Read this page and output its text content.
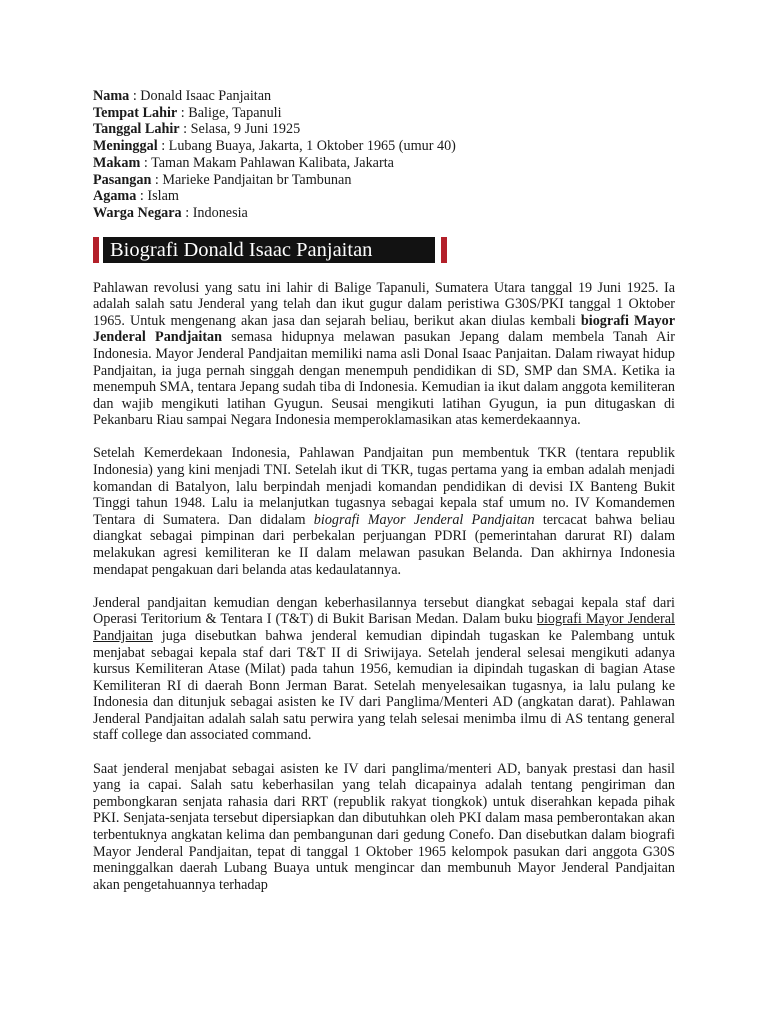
Nama : Donald Isaac Panjaitan
Tempat Lahir : Balige, Tapanuli
Tanggal Lahir : Selasa, 9 Juni 1925
Meninggal : Lubang Buaya, Jakarta, 1 Oktober 1965 (umur 40)
Makam : Taman Makam Pahlawan Kalibata, Jakarta
Pasangan : Marieke Pandjaitan br Tambunan
Agama : Islam
Warga Negara : Indonesia
Biografi Donald Isaac Panjaitan

Pahlawan revolusi yang satu ini lahir di Balige Tapanuli, Sumatera Utara tanggal 19 Juni 1925. Ia adalah salah satu Jenderal yang telah dan ikut gugur dalam peristiwa G30S/PKI tanggal 1 Oktober 1965. Untuk mengenang akan jasa dan sejarah beliau, berikut akan diulas kembali biografi Mayor Jenderal Pandjaitan semasa hidupnya melawan pasukan Jepang dalam membela Tanah Air Indonesia. Mayor Jenderal Pandjaitan memiliki nama asli Donal Isaac Panjaitan. Dalam riwayat hidup Pandjaitan, ia juga pernah singgah dengan menempuh pendidikan di SD, SMP dan SMA. Ketika ia menempuh SMA, tentara Jepang sudah tiba di Indonesia. Kemudian ia ikut dalam anggota kemiliteran dan wajib mengikuti latihan Gyugun. Seusai mengikuti latihan Gyugun, ia pun ditugaskan di Pekanbaru Riau sampai Negara Indonesia memperoklamasikan atas kemerdekaannya.

Setelah Kemerdekaan Indonesia, Pahlawan Pandjaitan pun membentuk TKR (tentara republik Indonesia) yang kini menjadi TNI. Setelah ikut di TKR, tugas pertama yang ia emban adalah menjadi komandan di Batalyon, lalu berpindah menjadi komandan pendidikan di devisi IX Banteng Bukit Tinggi tahun 1948. Lalu ia melanjutkan tugasnya sebagai kepala staf umum no. IV Komandemen Tentara di Sumatera. Dan didalam biografi Mayor Jenderal Pandjaitan tercacat bahwa beliau diangkat sebagai pimpinan dari perbekalan perjuangan PDRI (pemerintahan darurat RI) dalam melakukan agresi kemiliteran ke II dalam melawan pasukan Belanda. Dan akhirnya Indonesia mendapat pengakuan dari belanda atas kedaulatannya.

Jenderal pandjaitan kemudian dengan keberhasilannya tersebut diangkat sebagai kepala staf dari Operasi Teritorium & Tentara I (T&T) di Bukit Barisan Medan. Dalam buku biografi Mayor Jenderal Pandjaitan juga disebutkan bahwa jenderal kemudian dipindah tugaskan ke Palembang untuk menjabat sebagai kepala staf dari T&T II di Sriwijaya. Setelah jenderal selesai mengikuti adanya kursus Kemiliteran Atase (Milat) pada tahun 1956, kemudian ia dipindah tugaskan di bagian Atase Kemiliteran RI di daerah Bonn Jerman Barat. Setelah menyelesaikan tugasnya, ia lalu pulang ke Indonesia dan ditunjuk sebagai asisten ke IV dari Panglima/Menteri AD (angkatan darat). Pahlawan Jenderal Pandjaitan adalah salah satu perwira yang telah selesai menimba ilmu di AS tentang general staff college dan associated command.

Saat jenderal menjabat sebagai asisten ke IV dari panglima/menteri AD, banyak prestasi dan hasil yang ia capai. Salah satu keberhasilan yang telah dicapainya adalah tentang pengiriman dan pembongkaran senjata rahasia dari RRT (republik rakyat tiongkok) untuk diserahkan kepada pihak PKI. Senjata-senjata tersebut dipersiapkan dan dibutuhkan oleh PKI dalam masa pemberontakan akan terbentuknya angkatan kelima dan pembangunan dari gedung Conefo. Dan disebutkan dalam biografi Mayor Jenderal Pandjaitan, tepat di tanggal 1 Oktober 1965 kelompok pasukan dari anggota G30S meninggalkan daerah Lubang Buaya untuk mengincar dan membunuh Mayor Jenderal Pandjaitan akan pengetahuannya terhadap
